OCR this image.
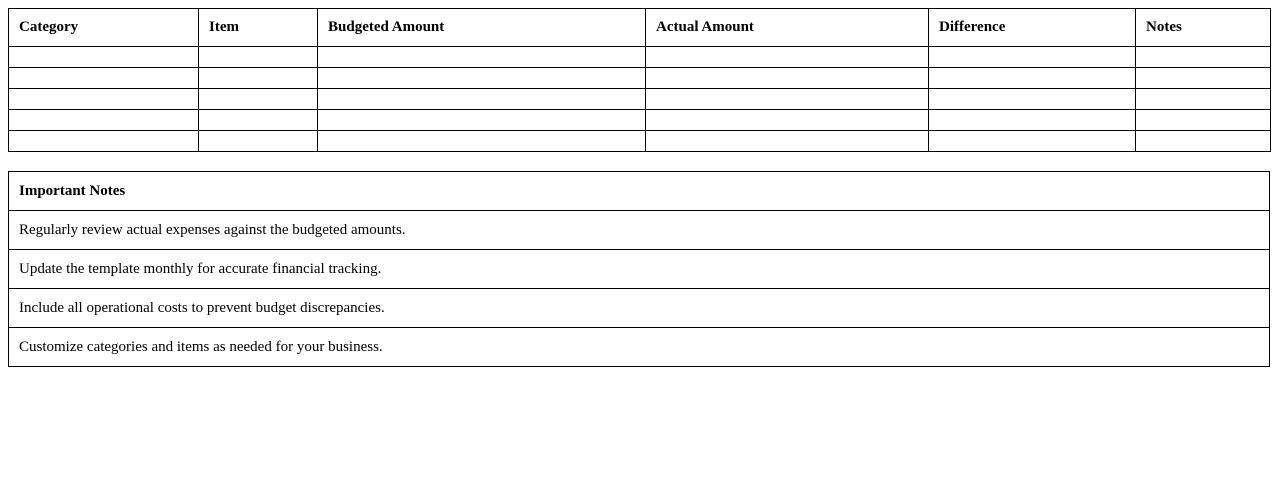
Category	Item	Budgeted Amount	Actual Amount	Difference	Notes

Important Notes
Regularly review actual expenses against the budgeted amounts.
Update the template monthly for accurate financial tracking.
Include all operational costs to prevent budget discrepancies.
Customize categories and items as needed for your business.
